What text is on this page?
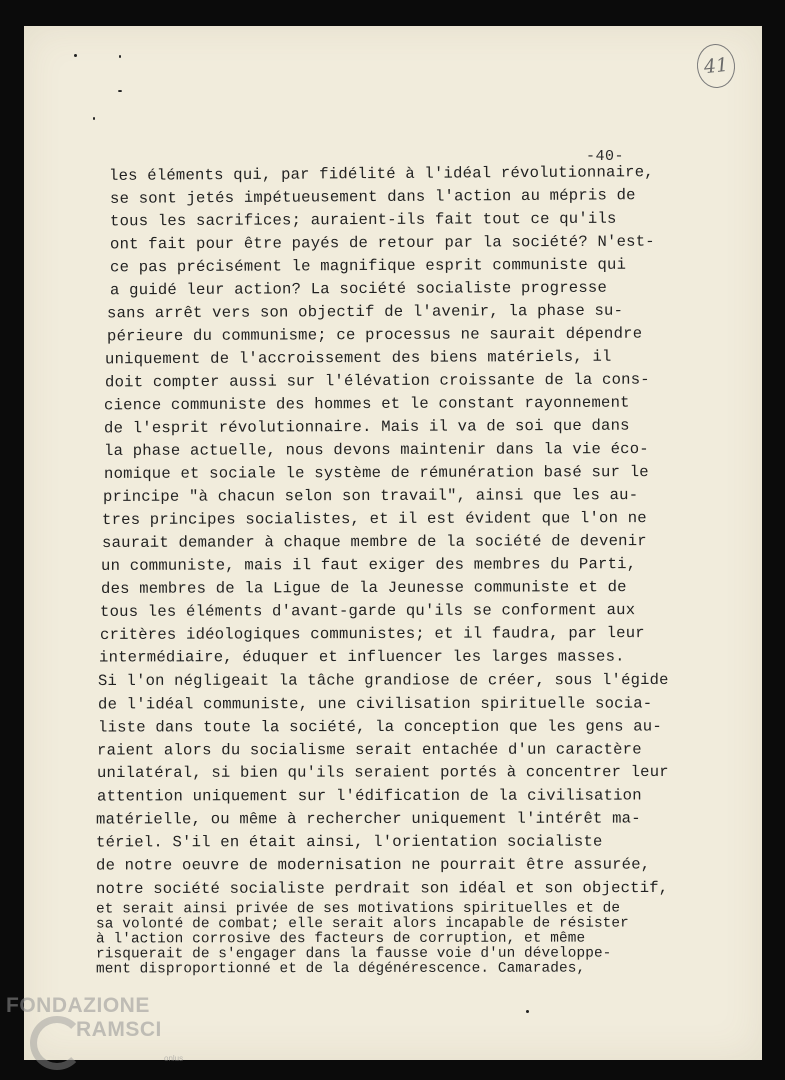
41
-40-
les éléments qui, par fidélité à l'idéal révolutionnaire,
se sont jetés impétueusement dans l'action au mépris de
tous les sacrifices; auraient-ils fait tout ce qu'ils
ont fait pour être payés de retour par la société? N'est-
ce pas précisément le magnifique esprit communiste qui
a guidé leur action? La société socialiste progresse
sans arrêt vers son objectif de l'avenir, la phase su-
périeure du communisme; ce processus ne saurait dépendre
uniquement de l'accroissement des biens matériels, il
doit compter aussi sur l'élévation croissante de la cons-
cience communiste des hommes et le constant rayonnement
de l'esprit révolutionnaire. Mais il va de soi que dans
la phase actuelle, nous devons maintenir dans la vie éco-
nomique et sociale le système de rémunération basé sur le
principe "à chacun selon son travail", ainsi que les au-
tres principes socialistes, et il est évident que l'on ne
saurait demander à chaque membre de la société de devenir
un communiste, mais il faut exiger des membres du Parti,
des membres de la Ligue de la Jeunesse communiste et de
tous les éléments d'avant-garde qu'ils se conforment aux
critères idéologiques communistes; et il faudra, par leur
intermédiaire, éduquer et influencer les larges masses.
Si l'on négligeait la tâche grandiose de créer, sous l'égide
de l'idéal communiste, une civilisation spirituelle socia-
liste dans toute la société, la conception que les gens au-
raient alors du socialisme serait entachée d'un caractère
unilatéral, si bien qu'ils seraient portés à concentrer leur
attention uniquement sur l'édification de la civilisation
matérielle, ou même à rechercher uniquement l'intérêt ma-
tériel. S'il en était ainsi, l'orientation socialiste
de notre oeuvre de modernisation ne pourrait être assurée,
notre société socialiste perdrait son idéal et son objectif,
et serait ainsi privée de ses motivations spirituelles et de
sa volonté de combat; elle serait alors incapable de résister
à l'action corrosive des facteurs de corruption, et même
risquerait de s'engager dans la fausse voie d'un développe-
ment disproportionné et de la dégénérescence. Camarades,
FONDAZIONE
RAMSCI
onlus
